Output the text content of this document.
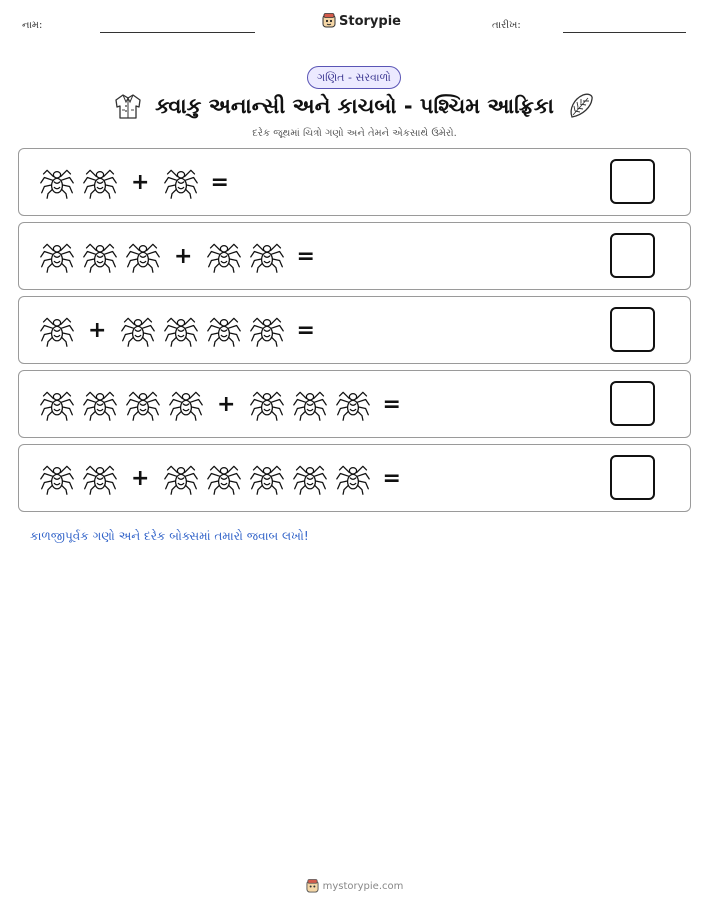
નામ:	Storypie	તારીખ:
ગણિત - સરવાળો
ક્વાકુ અનાન્સી અને કાચબો - પશ્ચિમ આફ્રિકા
દરેક જૂથમાં ચિત્રો ગણો અને તેમને એકસાથે ઉમેરો.
+	=
+	=
+	=
+	=
+	=
કાળજીપૂર્વક ગણો અને દરેક બોક્સમાં તમારો જવાબ લખો!
mystorypie.com
